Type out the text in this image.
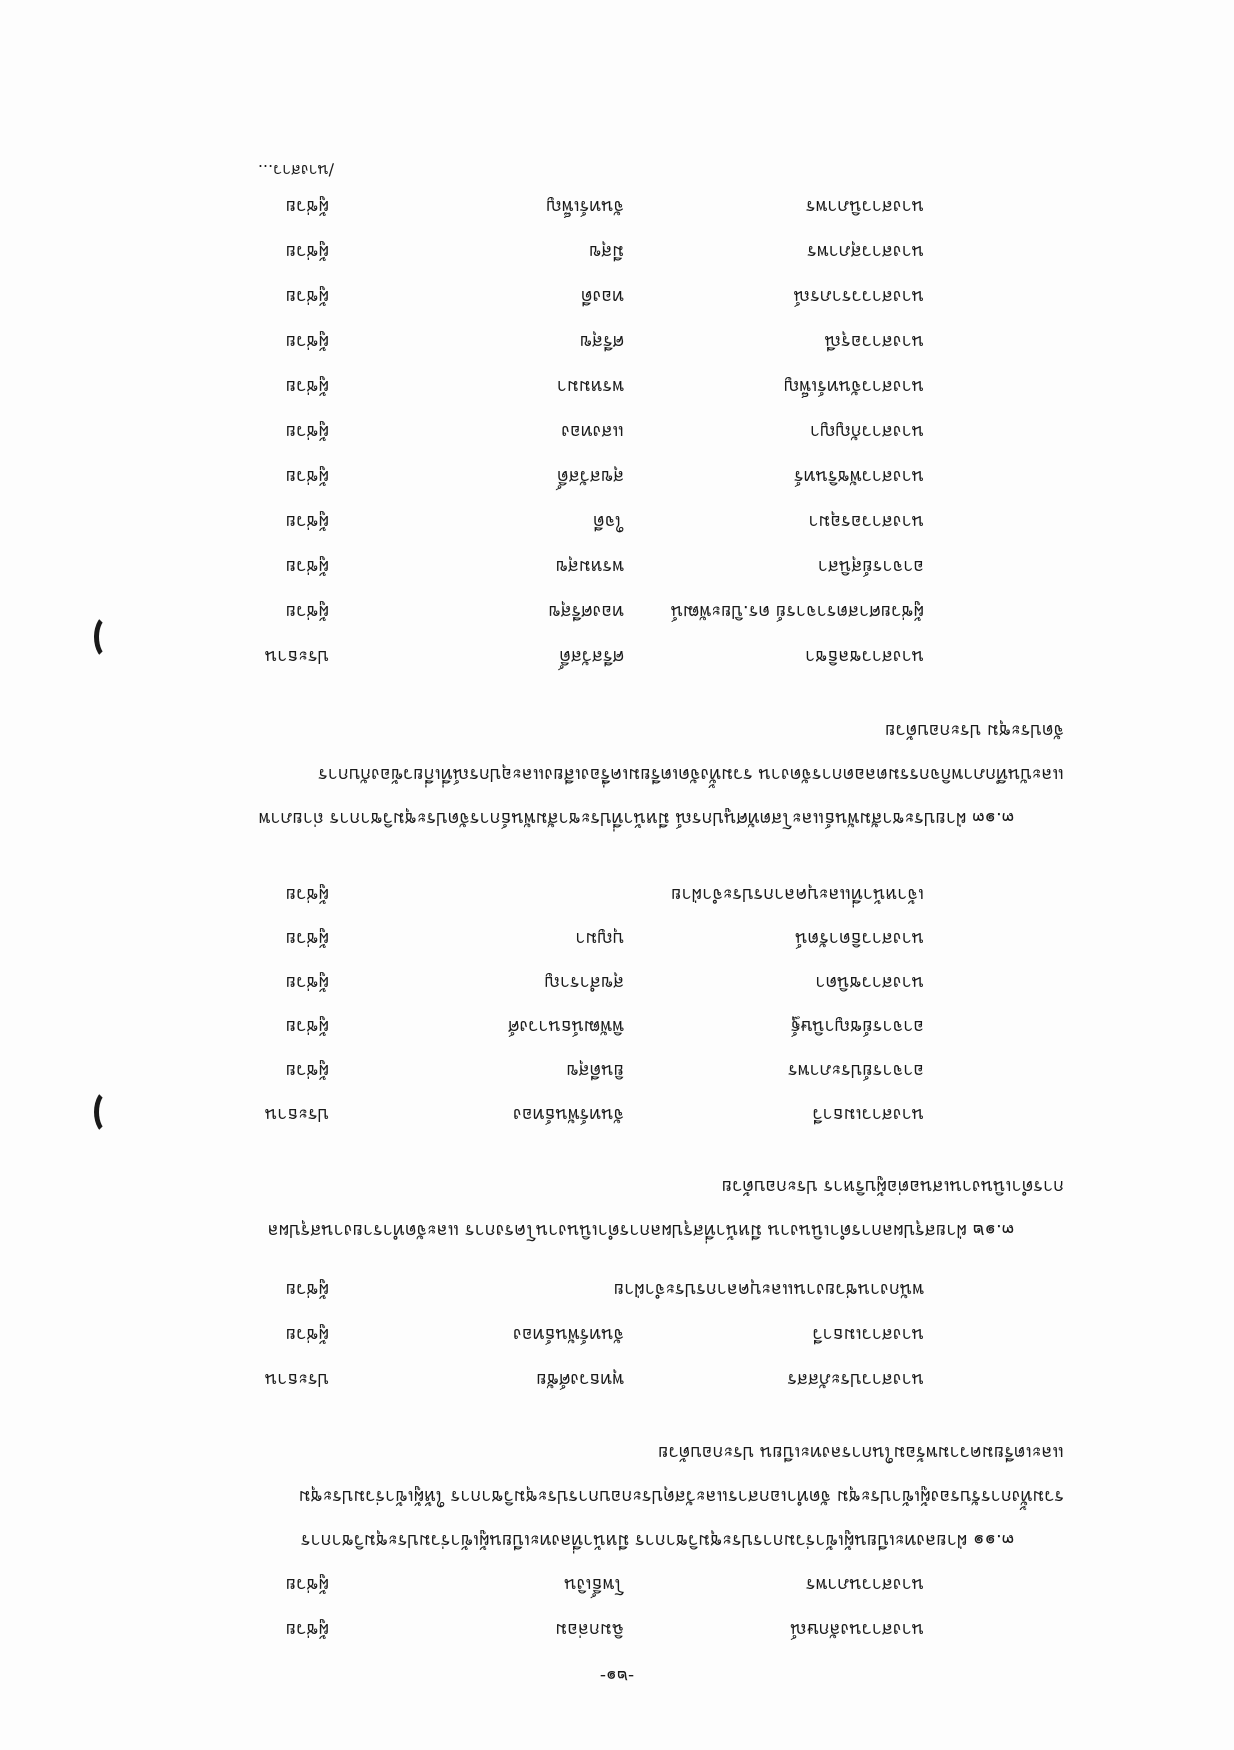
-๒๑-
นางสาวนงลักษณ์
ฉิมกล่อม
ผู้ช่วย
นางสาวนภาพร
โพธิ์เงิน
ผู้ช่วย

๓.๑๑ ฝ่ายลงทะเบียนผู้เข้าร่วมการประชุมวิชาการ มีหน้าที่ลงทะเบียนผู้เข้าร่วมประชุมวิชาการ

รวมทั้งการรับรองผู้เข้าประชุม จัดทำเอกสารและวัสดุประกอบการประชุมวิชาการ ให้ผู้เข้าร่วมประชุม

และเตรียมความพร้อมในการลงทะเบียน ประกอบด้วย

นางสาวประภัสสร
พุทธวงศ์ชัย
ประธาน
นางสาวเมธาวี
จันทร์พันธ์ทอง
ผู้ช่วย
พนักงานช่วยงานและบุคลากรประจำฝ่าย
ผู้ช่วย

๓.๑๒ ฝ่ายสรุปผลการดำเนินงาน มีหน้าที่สรุปผลการดำเนินงานโครงการ และจัดทำรายงานสรุปผล

การดำเนินงานเสนอต่อผู้บริหาร ประกอบด้วย

นางสาวเมธาวี
จันทร์พันธ์ทอง
ประธาน
อาจารย์ประภาพร
ยินดีสุข
ผู้ช่วย
อาจารย์ชญานิษฐ์
พิพัฒน์ธนาวงศ์
ผู้ช่วย
นางสาวชนิดา
สุขสำราญ
ผู้ช่วย
นางสาวธิดารัตน์
บุญมา
ผู้ช่วย
เจ้าหน้าที่และบุคลากรประจำฝ่าย
ผู้ช่วย

๓.๑๓ ฝ่ายประชาสัมพันธ์และโสตทัศนูปกรณ์ มีหน้าที่ประชาสัมพันธ์การจัดประชุมวิชาการ ถ่ายภาพ

และบันทึกภาพกิจกรรมตลอดการจัดงาน รวมทั้งจัดเตรียมเครื่องเสียงและอุปกรณ์ที่เกี่ยวข้องกับการ

จัดประชุม ประกอบด้วย

นางสาวชลธิชา
ศรีสวัสดิ์
ประธาน
ผู้ช่วยศาสตราจารย์ ดร.ปิยะพัฒน์
ทองศรีสุข
ผู้ช่วย
อาจารย์สุนิสา
พรหมสุข
ผู้ช่วย
นางสาวอรอุมา
ใจดี
ผู้ช่วย
นางสาวพัชรินทร์
สุขสวัสดิ์
ผู้ช่วย
นางสาวกัญญา
แสงทอง
ผู้ช่วย
นางสาวจันทร์เพ็ญ
พรหมมา
ผู้ช่วย
นางสาวอรุณี
ศรีสุข
ผู้ช่วย
นางสาววราภรณ์
ทองดี
ผู้ช่วย
นางสาวสุภาพร
มีสุข
ผู้ช่วย
นางสาวนิภาพร
จันทร์เพ็ญ
ผู้ช่วย
/นางสาว...
